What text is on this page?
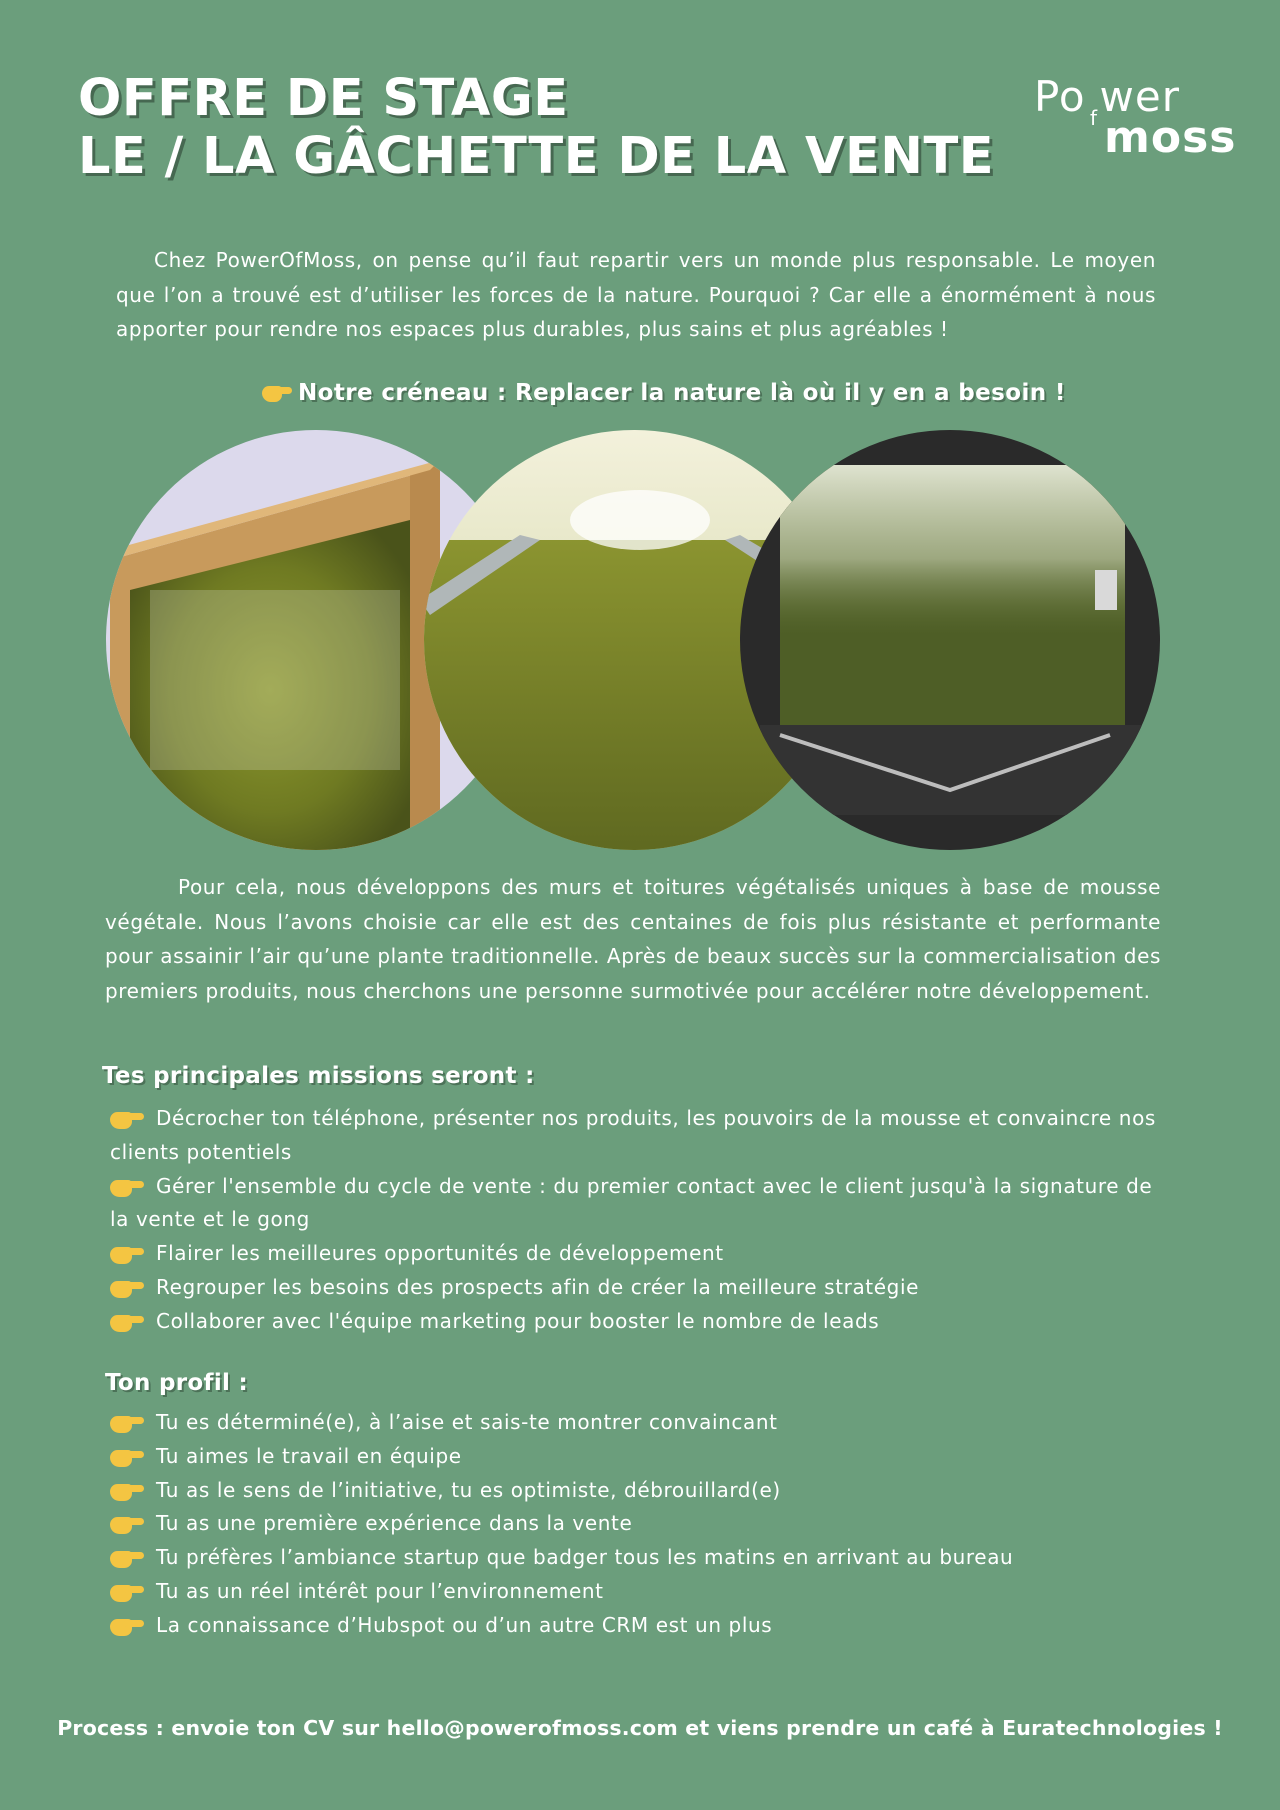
OFFRE DE STAGE
LE / LA GÂCHETTE DE LA VENTE
Po wer
f moss

Chez PowerOfMoss, on pense qu’il faut repartir vers un monde plus responsable. Le moyen que l’on a trouvé est d’utiliser les forces de la nature. Pourquoi ? Car elle a énormément à nous apporter pour rendre nos espaces plus durables, plus sains et plus agréables !

Notre créneau : Replacer la nature là où il y en a besoin !

Pour cela, nous développons des murs et toitures végétalisés uniques à base de mousse végétale. Nous l’avons choisie car elle est des centaines de fois plus résistante et performante pour assainir l’air qu’une plante traditionnelle. Après de beaux succès sur la commercialisation des premiers produits, nous cherchons une personne surmotivée pour accélérer notre développement.

Tes principales missions seront :
Décrocher ton téléphone, présenter nos produits, les pouvoirs de la mousse et convaincre nos clients potentiels
Gérer l'ensemble du cycle de vente : du premier contact avec le client jusqu'à la signature de la vente et le gong
Flairer les meilleures opportunités de développement
Regrouper les besoins des prospects afin de créer la meilleure stratégie
Collaborer avec l'équipe marketing pour booster le nombre de leads
Ton profil :
Tu es déterminé(e), à l’aise et sais-te montrer convaincant
Tu aimes le travail en équipe
Tu as le sens de l’initiative, tu es optimiste, débrouillard(e)
Tu as une première expérience dans la vente
Tu préfères l’ambiance startup que badger tous les matins en arrivant au bureau
Tu as un réel intérêt pour l’environnement
La connaissance d’Hubspot ou d’un autre CRM est un plus

Process : envoie ton CV sur hello@powerofmoss.com et viens prendre un café à Euratechnologies !
